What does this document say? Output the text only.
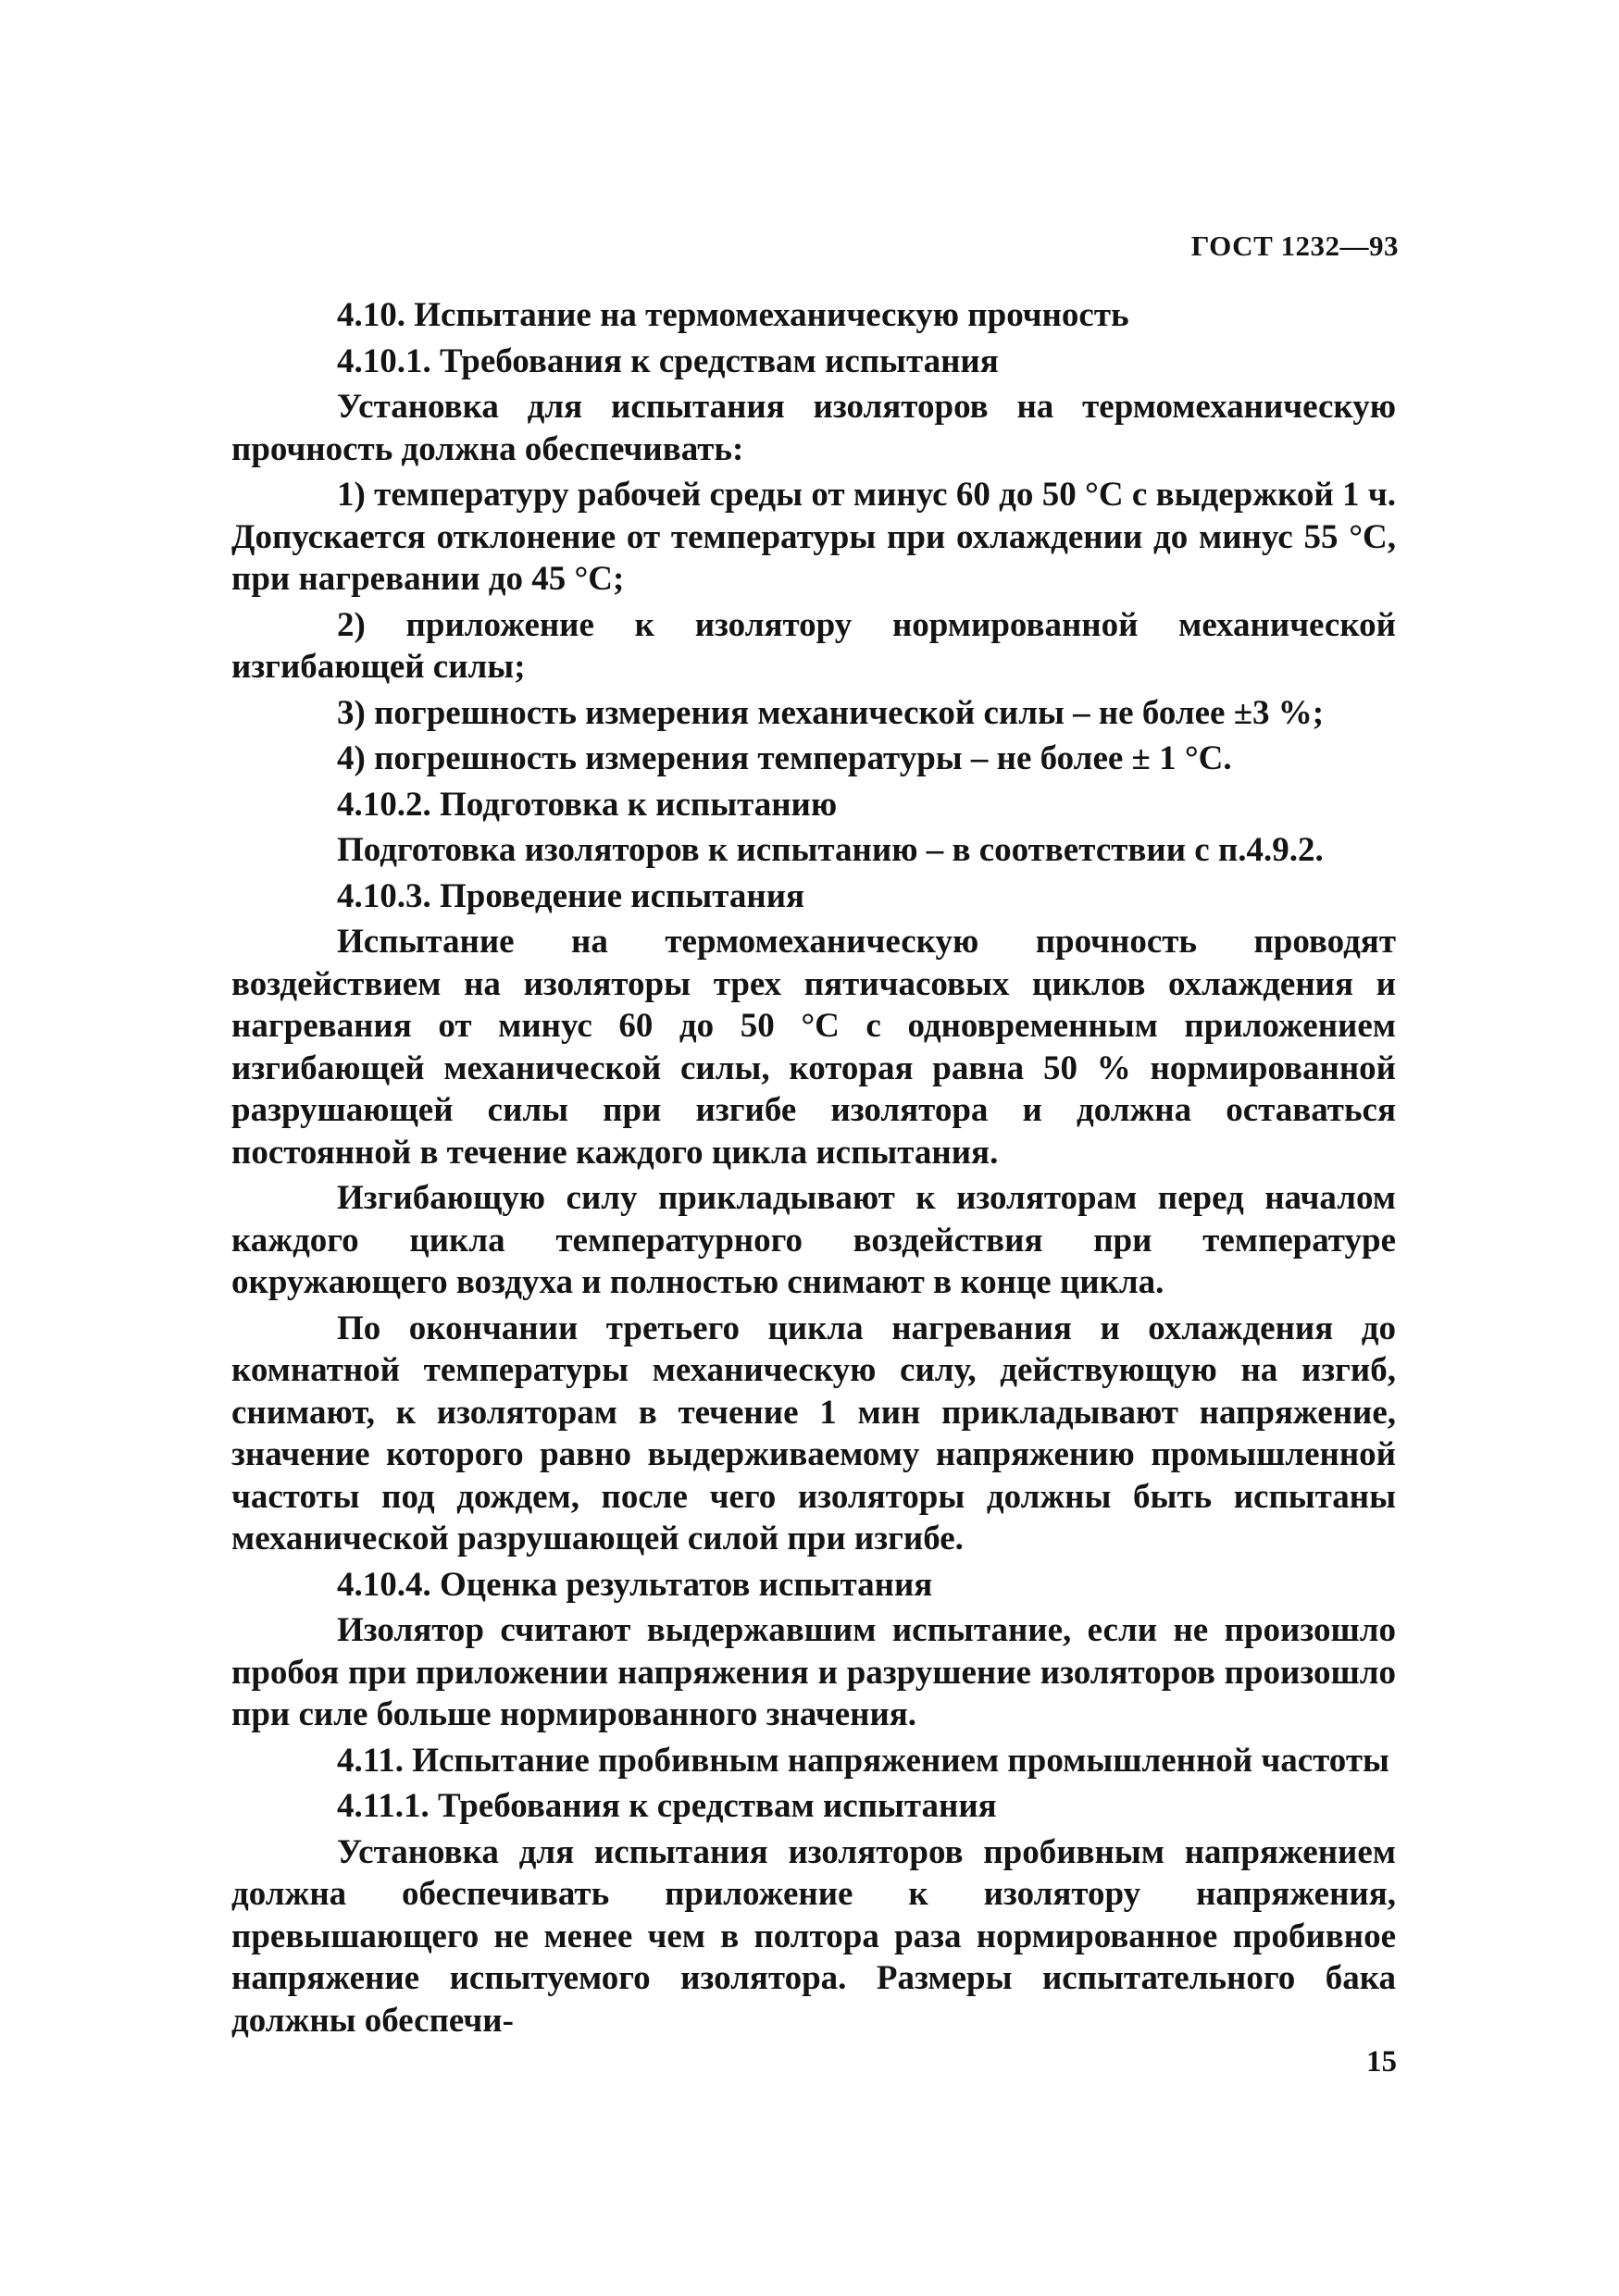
ГОСТ 1232—93

4.10. Испытание на термомеханическую прочность

4.10.1. Требования к средствам испытания

Установка для испытания изоляторов на термомеханическую прочность должна обеспечивать:

1) температуру рабочей среды от минус 60 до 50 °C с выдержкой 1 ч. Допускается отклонение от температуры при охлаждении до минус 55 °C, при нагревании до 45 °C;

2) приложение к изолятору нормированной механической изгибающей силы;

3) погрешность измерения механической силы – не более ±3 %;

4) погрешность измерения температуры – не более ± 1 °C.

4.10.2. Подготовка к испытанию

Подготовка изоляторов к испытанию – в соответствии с п.4.9.2.

4.10.3. Проведение испытания

Испытание на термомеханическую прочность проводят воздействием на изоляторы трех пятичасовых циклов охлаждения и нагревания от минус 60 до 50 °C с одновременным приложением изгибающей механической силы, которая равна 50 % нормированной разрушающей силы при изгибе изолятора и должна оставаться постоянной в течение каждого цикла испытания.

Изгибающую силу прикладывают к изоляторам перед началом каждого цикла температурного воздействия при температуре окружающего воздуха и полностью снимают в конце цикла.

По окончании третьего цикла нагревания и охлаждения до комнатной температуры механическую силу, действующую на изгиб, снимают, к изоляторам в течение 1 мин прикладывают напряжение, значение которого равно выдерживаемому напряжению промышленной частоты под дождем, после чего изоляторы должны быть испытаны механической разрушающей силой при изгибе.

4.10.4. Оценка результатов испытания

Изолятор считают выдержавшим испытание, если не произошло пробоя при приложении напряжения и разрушение изоляторов произошло при силе больше нормированного значения.

4.11. Испытание пробивным напряжением промышленной частоты

4.11.1. Требования к средствам испытания

Установка для испытания изоляторов пробивным напряжением должна обеспечивать приложение к изолятору напряжения, превышающего не менее чем в полтора раза нормированное пробивное напряжение испытуемого изолятора. Размеры испытательного бака должны обеспечи-

15
